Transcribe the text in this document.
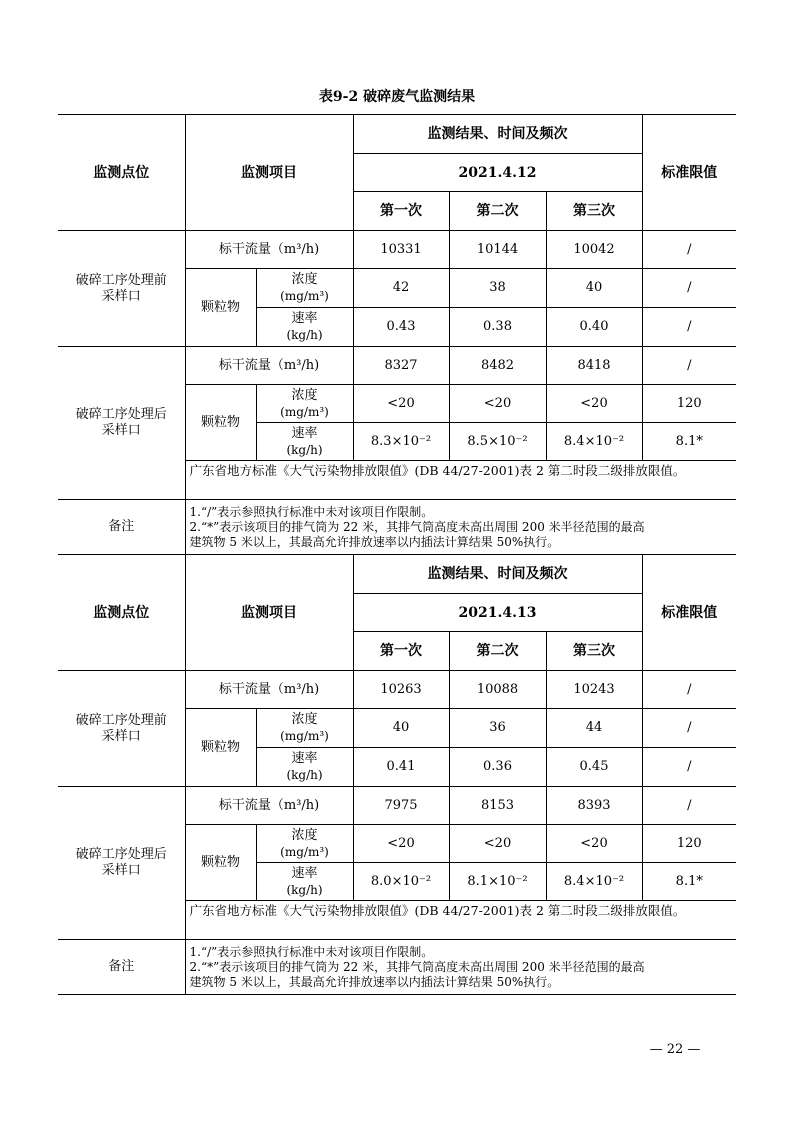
表9-2 破碎废气监测结果
监测点位	监测项目		监测结果、时间及频次			标准限值
			2021.4.12			
			第一次	第二次	第三次	

破碎工序处理前
采样口	标干流量（m³/h)		10331	10144	10042	/
	颗粒物	浓度
(mg/m³)	42	38	40	/

		速率
(kg/h)	0.43	0.38	0.40	/

破碎工序处理后
采样口	标干流量（m³/h)		8327	8482	8418	/
	颗粒物	浓度
(mg/m³)	<20	<20	<20	120

		速率
(kg/h)	8.3×10⁻²	8.5×10⁻²	8.4×10⁻²	8.1*
	广东省地方标准《大气污染物排放限值》(DB 44/27-2001)表 2 第二时段二级排放限值。					
备注	1.“/”表示参照执行标准中未对该项目作限制。
2.“*”表示该项目的排气筒为 22 米，其排气筒高度未高出周围 200 米半径范围的最高
建筑物 5 米以上，其最高允许排放速率以内插法计算结果 50%执行。					
监测点位	监测项目		监测结果、时间及频次			标准限值
			2021.4.13			
			第一次	第二次	第三次	

破碎工序处理前
采样口	标干流量（m³/h)		10263	10088	10243	/
	颗粒物	浓度
(mg/m³)	40	36	44	/

		速率
(kg/h)	0.41	0.36	0.45	/

破碎工序处理后
采样口	标干流量（m³/h)		7975	8153	8393	/
	颗粒物	浓度
(mg/m³)	<20	<20	<20	120

		速率
(kg/h)	8.0×10⁻²	8.1×10⁻²	8.4×10⁻²	8.1*
	广东省地方标准《大气污染物排放限值》(DB 44/27-2001)表 2 第二时段二级排放限值。					
备注	1.“/”表示参照执行标准中未对该项目作限制。
2.“*”表示该项目的排气筒为 22 米，其排气筒高度未高出周围 200 米半径范围的最高
建筑物 5 米以上，其最高允许排放速率以内插法计算结果 50%执行。					
— 22 —
